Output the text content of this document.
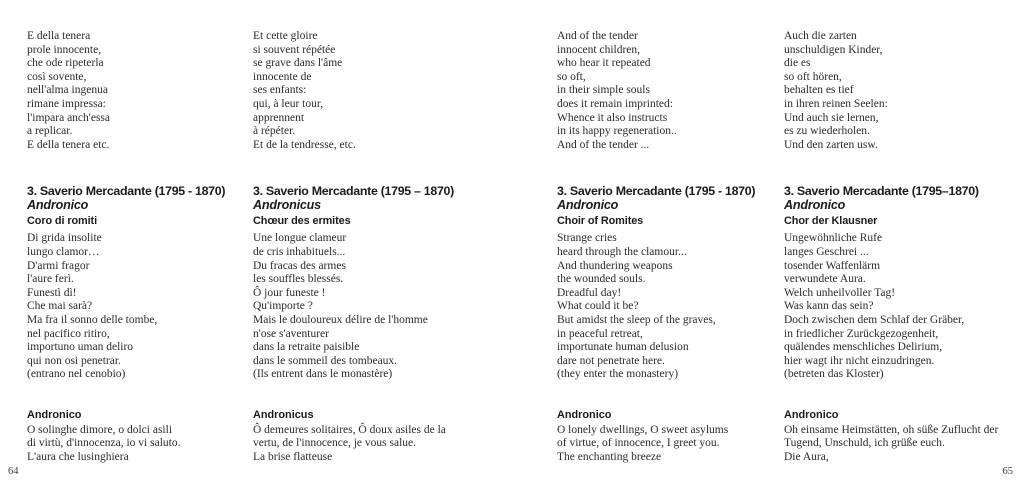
E della tenera
prole innocente,
che ode ripeterla
così sovente,
nell'alma ingenua
rimane impressa:
l'impara anch'essa
a replicar.
E della tenera etc.
3. Saverio Mercadante (1795 - 1870)
Andronico
Coro di romiti
Di grida insolite
lungo clamor…
D'armi fragor
l'aure ferì.
Funestì dì!
Che mai sarà?
Ma fra il sonno delle tombe,
nel pacifico ritiro,
importuno uman deliro
qui non osi penetrar.
(entrano nel cenobio)
Andronico
O solinghe dimore, o dolci asili
di virtù, d'innocenza, io vi saluto.
L'aura che lusinghiera
Et cette gloire
si souvent répétée
se grave dans l'âme
innocente de
ses enfants:
qui, à leur tour,
apprennent
à répéter.
Et de la tendresse, etc.
3. Saverio Mercadante (1795 – 1870)
Andronicus
Chœur des ermites
Une longue clameur
de cris inhabituels...
Du fracas des armes
les souffles blessés.
Ô jour funeste !
Qu'importe ?
Mais le douloureux délire de l'homme
n'ose s'aventurer
dans la retraite paisible
dans le sommeil des tombeaux.
(Ils entrent dans le monastère)
Andronicus
Ô demeures solitaires, Ô doux asiles de la
vertu, de l'innocence, je vous salue.
La brise flatteuse
64
And of the tender
innocent children,
who hear it repeated
so oft,
in their simple souls
does it remain imprinted:
Whence it also instructs
in its happy regeneration..
And of the tender ...
3. Saverio Mercadante (1795 - 1870)
Andronico
Choir of Romites
Strange cries
heard through the clamour...
And thundering weapons
the wounded souls.
Dreadful day!
What could it be?
But amidst the sleep of the graves,
in peaceful retreat,
importunate human delusion
dare not penetrate here.
(they enter the monastery)
Andronico
O lonely dwellings, O sweet asylums
of virtue, of innocence, I greet you.
The enchanting breeze
Auch die zarten
unschuldigen Kinder,
die es
so oft hören,
behalten es tief
in ihren reinen Seelen:
Und auch sie lernen,
es zu wiederholen.
Und den zarten usw.
3. Saverio Mercadante (1795–1870)
Andronico
Chor der Klausner
Ungewöhnliche Rufe
langes Geschrei ...
tosender Waffenlärm
verwundete Aura.
Welch unheilvoller Tag!
Was kann das sein?
Doch zwischen dem Schlaf der Gräber,
in friedlicher Zurückgezogenheit,
quälendes menschliches Delirium,
hier wagt ihr nicht einzudringen.
(betreten das Kloster)
Andronico
Oh einsame Heimstätten, oh süße Zuflucht der
Tugend, Unschuld, ich grüße euch.
Die Aura,
65
